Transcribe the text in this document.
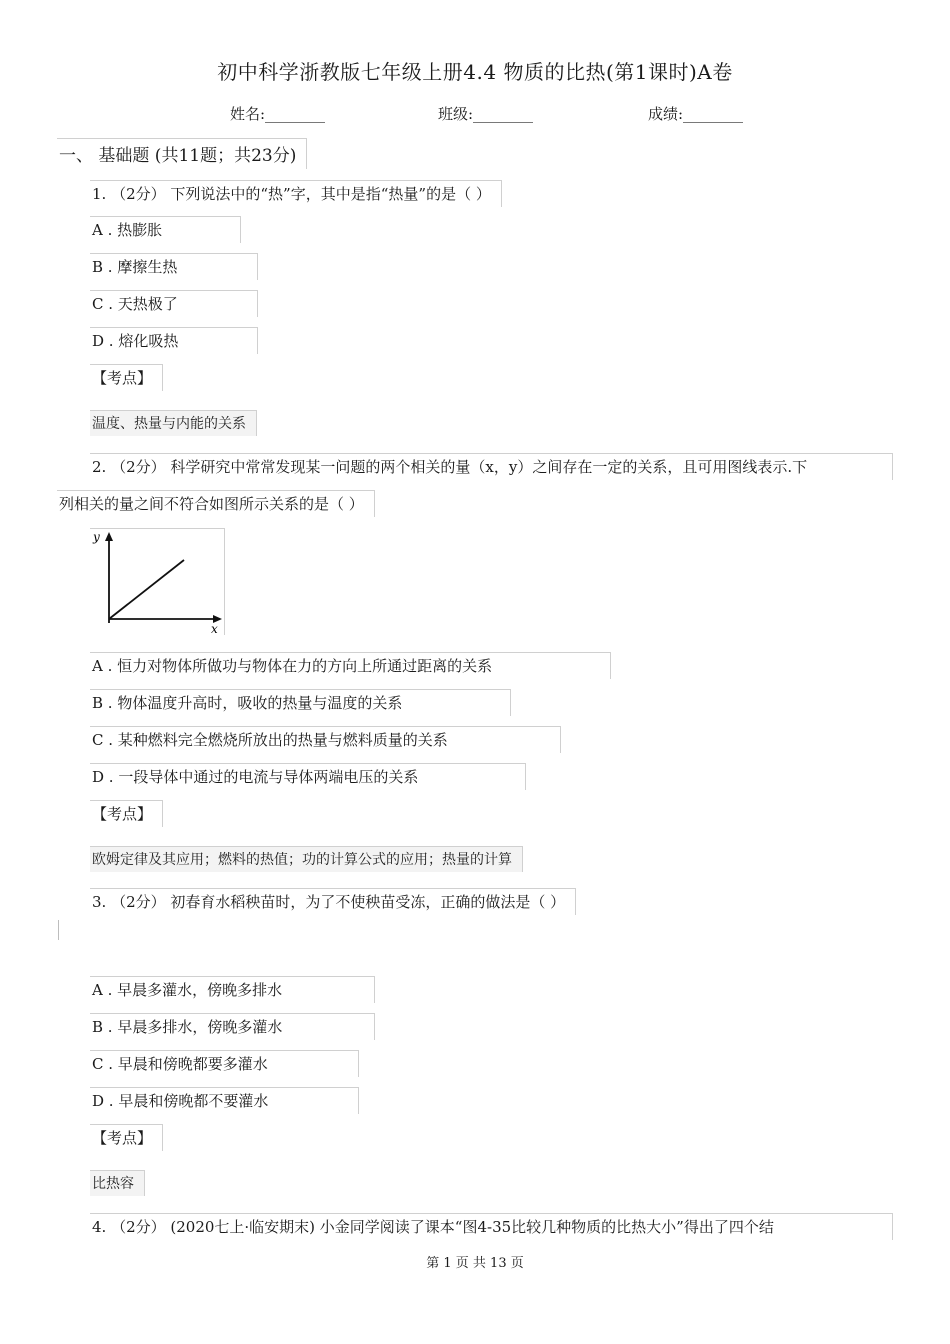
初中科学浙教版七年级上册4.4 物质的比热(第1课时)A卷
姓名:________	班级:________	成绩:________
一、 基础题 (共11题；共23分)
1. （2分） 下列说法中的“热”字，其中是指“热量”的是（ ）
A . 热膨胀
B . 摩擦生热
C . 天热极了
D . 熔化吸热
【考点】
温度、热量与内能的关系
2. （2分） 科学研究中常常发现某一问题的两个相关的量（x，y）之间存在一定的关系，且可用图线表示.下
列相关的量之间不符合如图所示关系的是（ ）
y
x
A . 恒力对物体所做功与物体在力的方向上所通过距离的关系
B . 物体温度升高时，吸收的热量与温度的关系
C . 某种燃料完全燃烧所放出的热量与燃料质量的关系
D . 一段导体中通过的电流与导体两端电压的关系
【考点】
欧姆定律及其应用；燃料的热值；功的计算公式的应用；热量的计算
3. （2分） 初春育水稻秧苗时，为了不使秧苗受冻，正确的做法是（ ）
A . 早晨多灌水，傍晚多排水
B . 早晨多排水，傍晚多灌水
C . 早晨和傍晚都要多灌水
D . 早晨和傍晚都不要灌水
【考点】
比热容
4. （2分） (2020七上·临安期末) 小金同学阅读了课本“图4-35比较几种物质的比热大小”得出了四个结
第 1 页 共 13 页
